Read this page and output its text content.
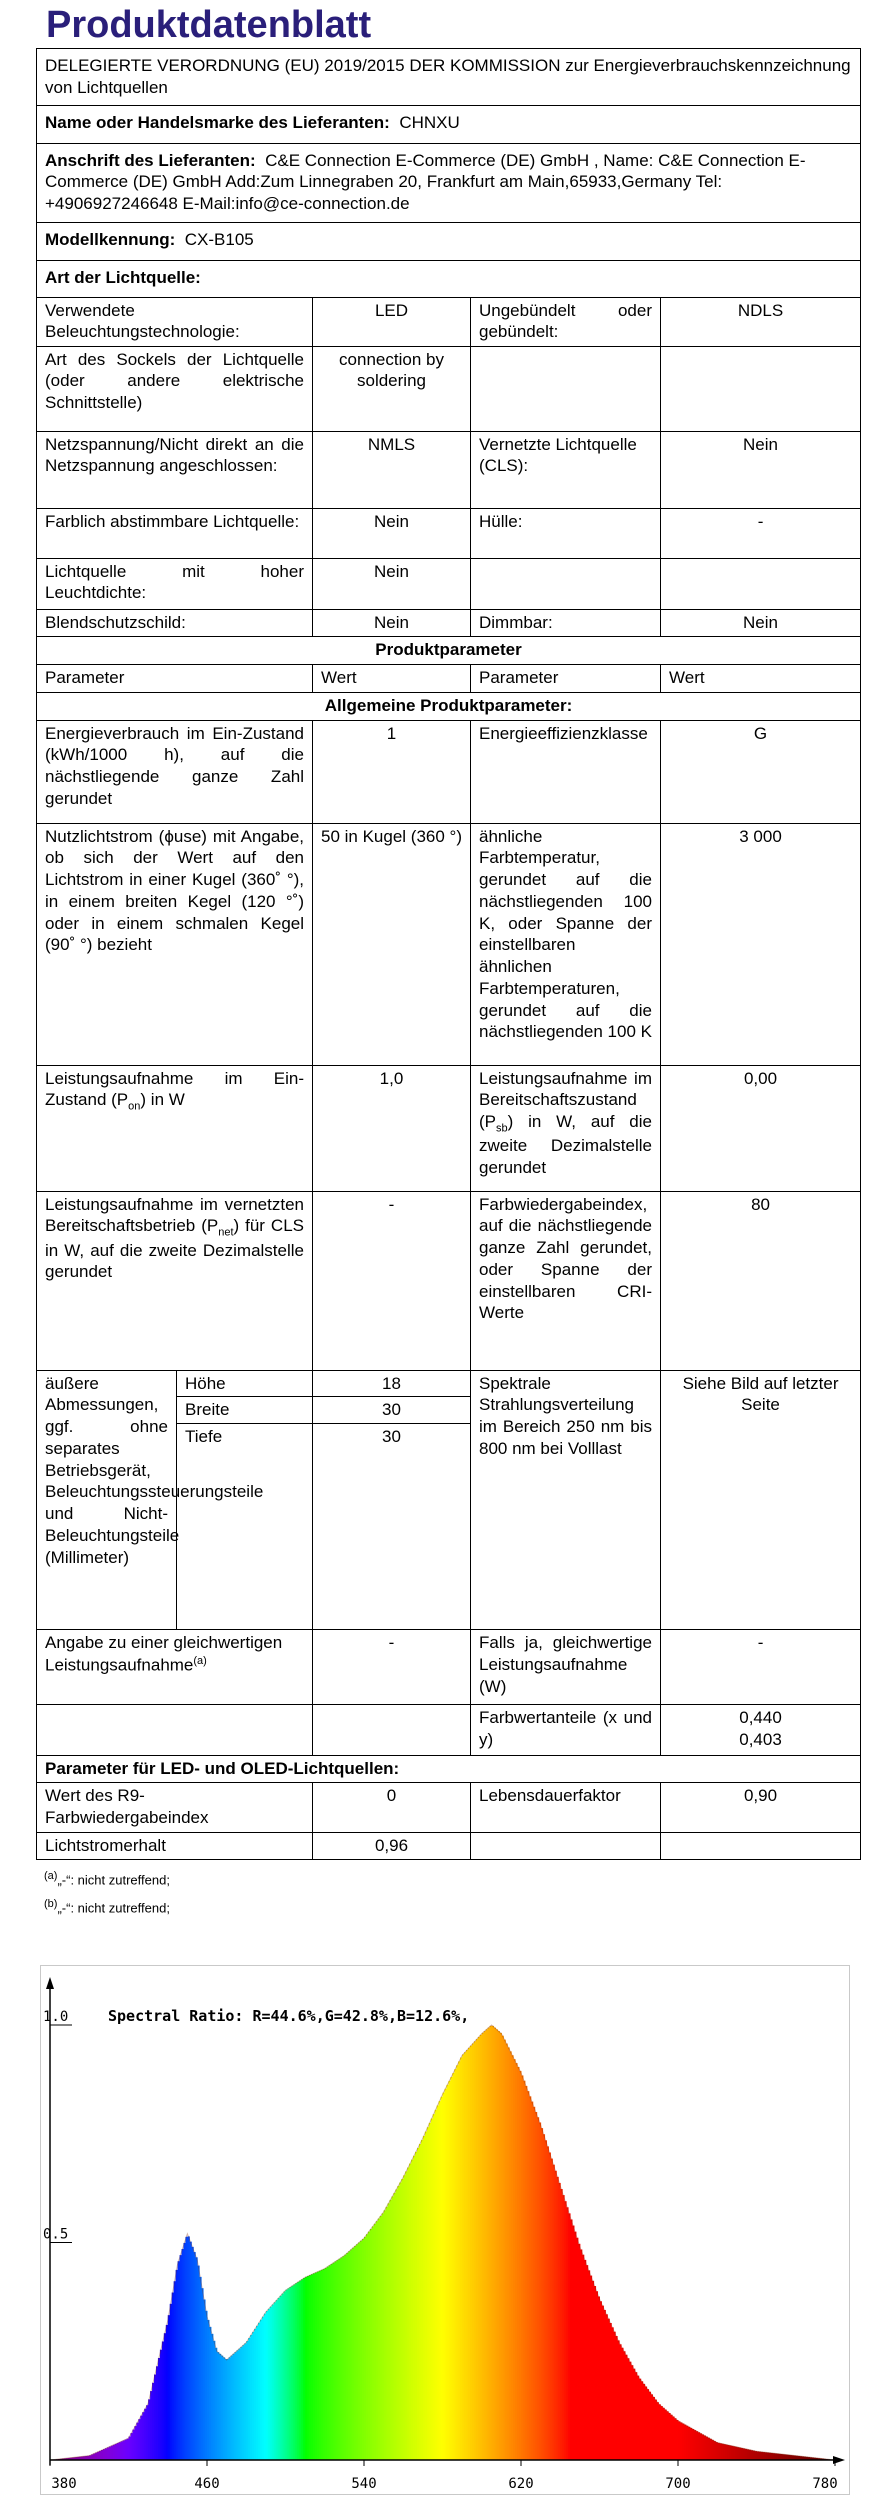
Produktdatenblatt
DELEGIERTE VERORDNUNG (EU) 2019/2015 DER KOMMISSION zur Energieverbrauchskennzeichnung von Lichtquellen				
Name oder Handelsmarke des Lieferanten: CHNXU				
Anschrift des Lieferanten: C&E Connection E-Commerce (DE) GmbH , Name: C&E Connection E-Commerce (DE) GmbH Add:Zum Linnegraben 20, Frankfurt am Main,65933,Germany Tel: +4906927246648 E-Mail:info@ce-connection.de				
Modellkennung: CX-B105				
Art der Lichtquelle:				
Verwendete Beleuchtungstechnologie:		LED	Ungebündelt oder gebündelt:	NDLS
Art des Sockels der Lichtquelle (oder andere elektrische Schnittstelle)		connection by soldering		
Netzspannung/Nicht direkt an die Netzspannung angeschlossen:		NMLS	Vernetzte Lichtquelle (CLS):	Nein
Farblich abstimmbare Lichtquelle:		Nein	Hülle:	-
Lichtquelle mit hoher Leuchtdichte:		Nein		
Blendschutzschild:		Nein	Dimmbar:	Nein
Produktparameter				
Parameter		Wert	Parameter	Wert
Allgemeine Produktparameter:				
Energieverbrauch im Ein-Zustand (kWh/1000 h), auf die nächstliegende ganze Zahl gerundet		1	Energieeffizienzklasse	G
Nutzlichtstrom (ϕuse) mit Angabe, ob sich der Wert auf den Lichtstrom in einer Kugel (360˚ °), in einem breiten Kegel (120 °˚) oder in einem schmalen Kegel (90˚ °) bezieht		50 in Kugel (360 °)	ähnliche Farbtemperatur, gerundet auf die nächstliegenden 100 K, oder Spanne der einstellbaren ähnlichen Farbtemperaturen, gerundet auf die nächstliegenden 100 K	3 000
Leistungsaufnahme im Ein-Zustand $(P_{on})$ in W		1,0	Leistungsaufnahme im Bereitschaftszustand $(P_{sb})$ in W, auf die zweite Dezimalstelle gerundet	0,00
Leistungsaufnahme im vernetzten Bereitschaftsbetrieb $(P_{net})$ für CLS in W, auf die zweite Dezimalstelle gerundet		-	Farbwiedergabeindex, auf die nächstliegende ganze Zahl gerundet, oder Spanne der einstellbaren CRI-Werte	80
äußere Abmessungen, ggf. ohne separates Betriebsgerät, Beleuchtungssteuerungsteile und Nicht-Beleuchtungsteile (Millimeter)	Höhe	18	Spektrale Strahlungsverteilung im Bereich 250 nm bis 800 nm bei Volllast	Siehe Bild auf letzter Seite
	Breite	30		
	Tiefe	30		

Angabe zu einer gleichwertigen Leistungsaufnahme$^{(a)}$		-	Falls ja, gleichwertige Leistungsaufnahme (W)	-
			Farbwertanteile (x und y)	0,440
0,403

Parameter für LED- und OLED-Lichtquellen:				
Wert des R9-Farbwiedergabeindex		0	Lebensdauerfaktor	0,90
Lichtstromerhalt		0,96		
$^{(a)}$„-“: nicht zutreffend;
$^{(b)}$„-“: nicht zutreffend;
380	460	540	620	700	780
1.0
0.5
Spectral Ratio: R=44.6%,G=42.8%,B=12.6%,
